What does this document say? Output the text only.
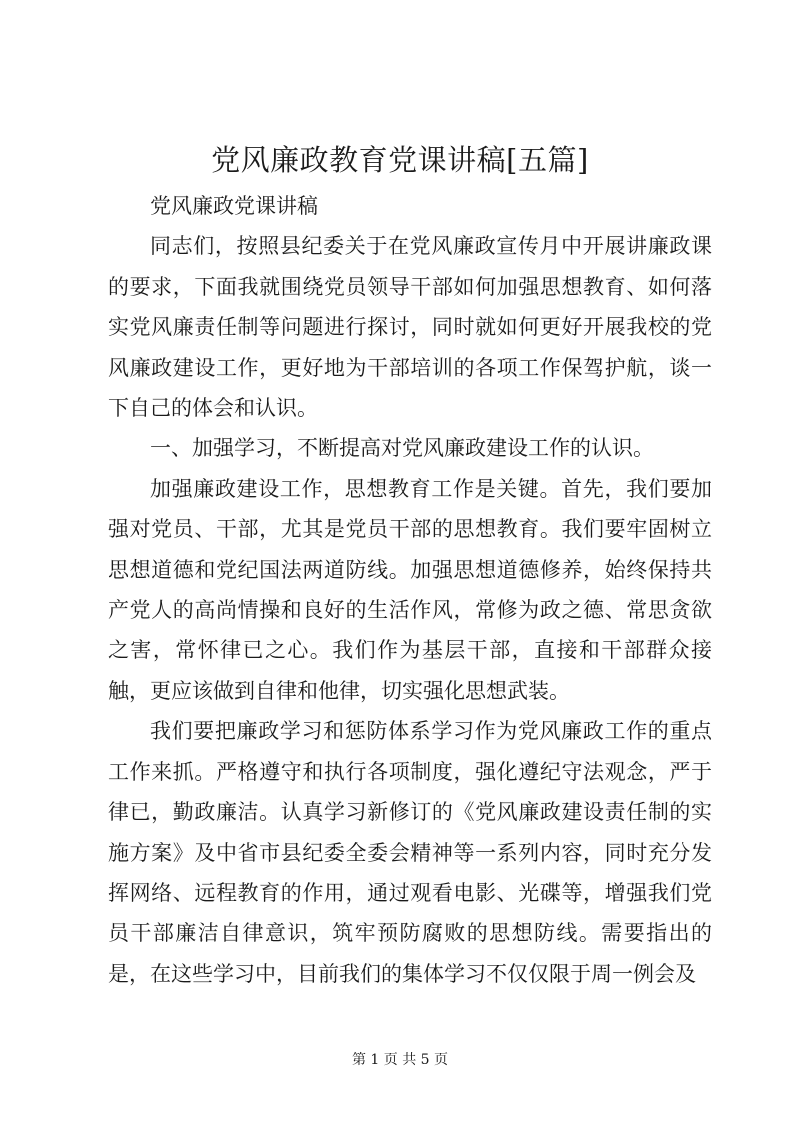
党风廉政教育党课讲稿[五篇]

党风廉政党课讲稿

同志们，按照县纪委关于在党风廉政宣传月中开展讲廉政课的要求，下面我就围绕党员领导干部如何加强思想教育、如何落实党风廉责任制等问题进行探讨，同时就如何更好开展我校的党风廉政建设工作，更好地为干部培训的各项工作保驾护航，谈一下自己的体会和认识。

一、加强学习，不断提高对党风廉政建设工作的认识。

加强廉政建设工作，思想教育工作是关键。首先，我们要加强对党员、干部，尤其是党员干部的思想教育。我们要牢固树立思想道德和党纪国法两道防线。加强思想道德修养，始终保持共产党人的高尚情操和良好的生活作风，常修为政之德、常思贪欲之害，常怀律已之心。我们作为基层干部，直接和干部群众接触，更应该做到自律和他律，切实强化思想武装。

我们要把廉政学习和惩防体系学习作为党风廉政工作的重点工作来抓。严格遵守和执行各项制度，强化遵纪守法观念，严于律已，勤政廉洁。认真学习新修订的《党风廉政建设责任制的实施方案》及中省市县纪委全委会精神等一系列内容，同时充分发挥网络、远程教育的作用，通过观看电影、光碟等，增强我们党员干部廉洁自律意识，筑牢预防腐败的思想防线。需要指出的是，在这些学习中，目前我们的集体学习不仅仅限于周一例会及

第 1 页 共 5 页
